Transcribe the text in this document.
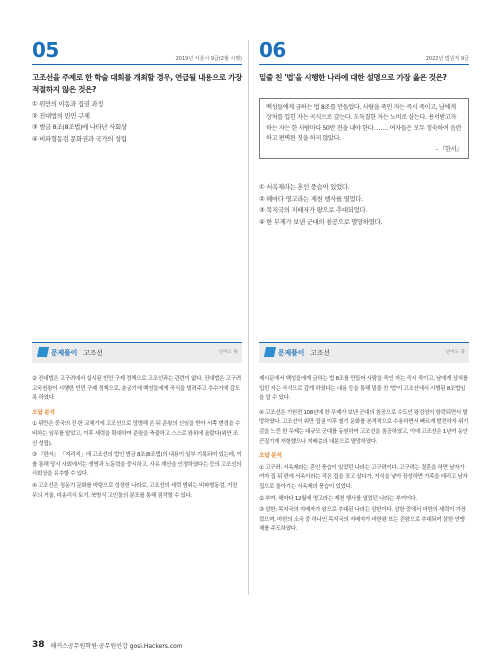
05	2019년 서울시 9급(2월 시행)
고조선을 주제로 한 학술 대회를 개최할 경우, 연급될 내용으로 가장 적절하지 않은 것은?
① 위만의 이동과 집권 과정
② 진대법의 빈민 구제
③ 범금 8조(8조법)에 나타난 사회상
④ 비파형동검 문화권과 국가의 성립
문제풀이 고조선	난이도 하

② 진대법은 고구려에서 실시된 빈민 구제 정책으로 고조선과는 관련이 없다. 진대법은 고구려 고국천왕이 시행한 빈민 구제 정책으로, 춘궁기에 백성들에게 곡식을 빌려주고 추수기에 갚도록 하였다.

오답 분석
① 위만은 중국의 진·한 교체기에 고조선으로 망명해 온 뒤 준왕의 신임을 받아 서쪽 변경을 수비하는 임무를 맡았고, 이후 세력을 확대하여 준왕을 축출하고 스스로 왕위에 올랐다(위만 조선 성립).
③ 『한서』 「지리지」에 고조선의 법인 범금 8조(8조법)의 내용이 일부 기록되어 있는데, 이를 통해 당시 사회에서는 생명과 노동력을 중시하고, 사유 재산을 인정하였다는 등의 고조선의 사회상을 유추할 수 있다.
④ 고조선은 청동기 문화를 바탕으로 성장한 나라로, 고조선의 세력 범위는 비파형동검, 거친무늬 거울, 미송리식 토기, 북방식 고인돌의 분포를 통해 짐작할 수 있다.
06	2022년 법원직 9급
밑줄 친 '법'을 시행한 나라에 대한 설명으로 가장 옳은 것은?
백성들에게 금하는 법 8조를 만들었다. 사람을 죽인 자는 즉시 죽이고, 남에게 상처를 입힌 자는 곡식으로 갚는다. 도둑질한 자는 노비로 삼는다. 용서받고자 하는 자는 한 사람마다 50만 전을 내야 한다. …… 여자들은 모두 정숙하여 음란하고 편벽된 짓을 하지 않았다.
- 『한서』
① 서옥제라는 혼인 풍습이 있었다.
② 해마다 영고라는 제천 행사를 열었다.
③ 목지국의 지배자가 왕으로 추대되었다.
④ 한 무제가 보낸 군대의 침공으로 멸망하였다.
문제풀이 고조선	난이도 중

제시문에서 백성들에게 금하는 법 8조를 만들어 사람을 죽인 자는 즉시 죽이고, 남에게 상처를 입힌 자는 곡식으로 갚게 하였다는 내용 등을 통해 밑줄 친 '법'이 고조선에서 시행된 8조법임을 알 수 있다.

④ 고조선은 기원전 108년에 한 무제가 보낸 군대의 침공으로 수도인 왕검성이 함락되면서 멸망하였다. 고조선이 위만 집권 이후 철기 문화를 본격적으로 수용하면서 빠르게 발전하자 위기감을 느낀 한 무제는 대규모 군대를 동원하여 고조선을 침공하였고, 이에 고조선은 1년여 동안 끈질기게 저항했으나 지배층의 내분으로 멸망하였다.

오답 분석
① 고구려: 서옥제라는 혼인 풍습이 있었던 나라는 고구려이다. 고구려는 결혼을 하면 남자가 여자 집 뒤 편에 서옥이라는 작은 집을 짓고 살다가, 자식을 낳아 장성하면 가족을 데리고 남자 집으로 돌아가는 서옥제의 풍습이 있었다.
② 부여: 해마다 12월에 영고라는 제천 행사를 열었던 나라는 부여이다.
③ 삼한: 목지국의 지배자가 왕으로 추대된 나라는 삼한이다. 삼한 중에서 마한의 세력이 가장 컸으며, 마한의 소국 중 하나인 목지국의 지배자가 마한왕 또는 진왕으로 추대되어 삼한 연맹체를 주도하였다.
38 해커스공무원학원·공무원인강 gosi.Hackers.com
